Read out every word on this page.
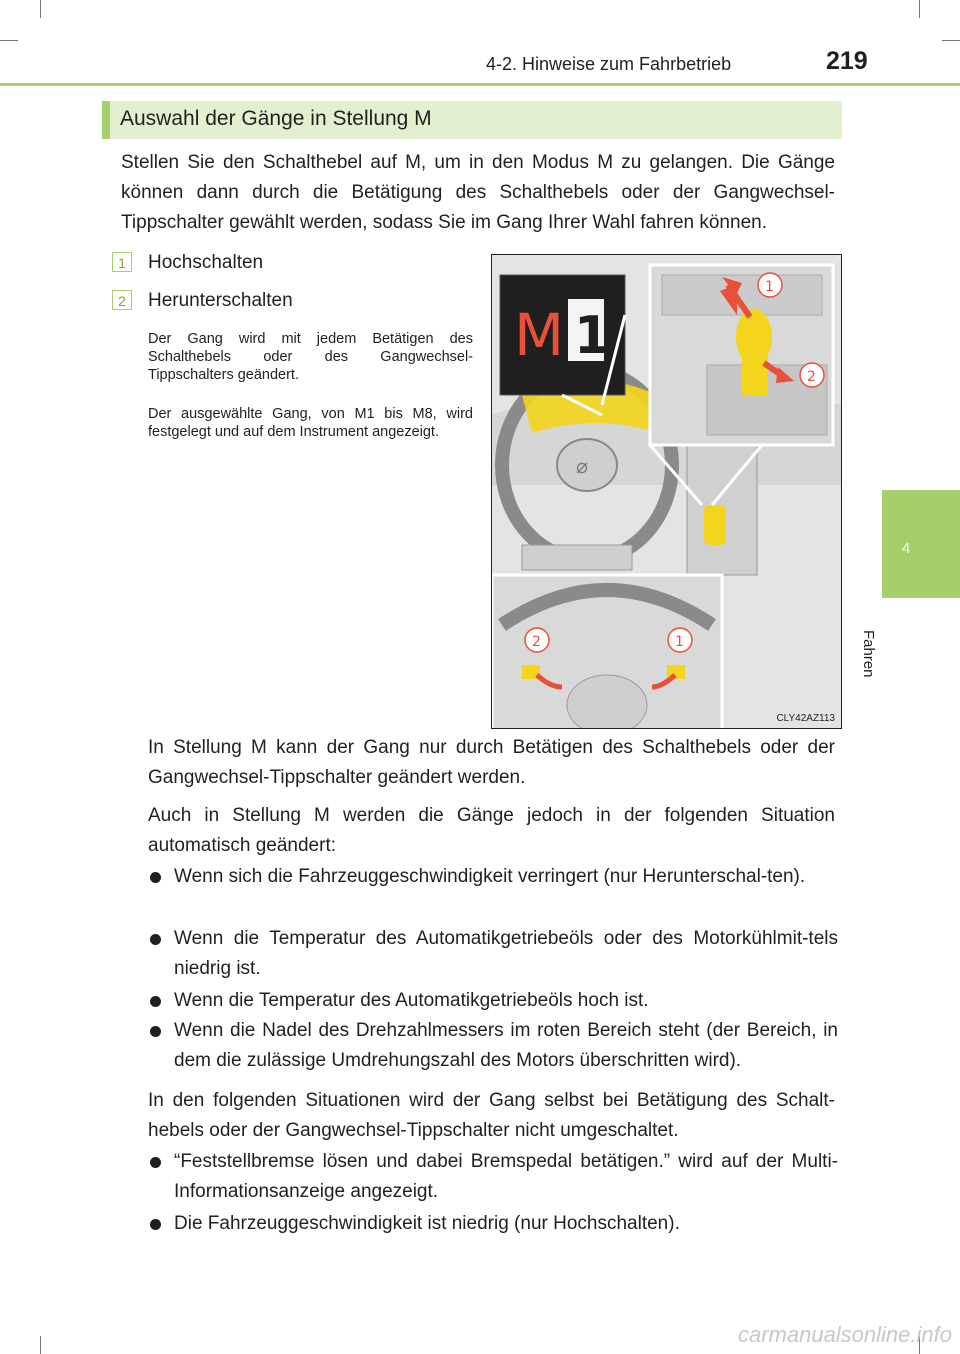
4-2. Hinweise zum Fahrbetrieb	219
4
Fahren
Auswahl der Gänge in Stellung M
Stellen Sie den Schalthebel auf M, um in den Modus M zu gelangen. Die Gänge können dann durch die Betätigung des Schalthebels oder der Gangwechsel-Tippschalter gewählt werden, sodass Sie im Gang Ihrer Wahl fahren können.
1	Hochschalten
2	Herunterschalten
Der Gang wird mit jedem Betätigen des Schalthebels oder des Gangwechsel-Tippschalters geändert.
Der ausgewählte Gang, von M1 bis M8, wird festgelegt und auf dem Instrument angezeigt.
⌀
M 1
1
2
2	1
CLY42AZ113
In Stellung M kann der Gang nur durch Betätigen des Schalthebels oder der Gangwechsel-Tippschalter geändert werden.
Auch in Stellung M werden die Gänge jedoch in der folgenden Situation automatisch geändert:
Wenn sich die Fahrzeuggeschwindigkeit verringert (nur Herunterschal-ten).
Wenn die Temperatur des Automatikgetriebeöls oder des Motorkühlmit-tels niedrig ist.
Wenn die Temperatur des Automatikgetriebeöls hoch ist.
Wenn die Nadel des Drehzahlmessers im roten Bereich steht (der Bereich, in dem die zulässige Umdrehungszahl des Motors überschritten wird).
In den folgenden Situationen wird der Gang selbst bei Betätigung des Schalt-hebels oder der Gangwechsel-Tippschalter nicht umgeschaltet.
“Feststellbremse lösen und dabei Bremspedal betätigen.” wird auf der Multi-Informationsanzeige angezeigt.
Die Fahrzeuggeschwindigkeit ist niedrig (nur Hochschalten).
carmanualsonline.info
